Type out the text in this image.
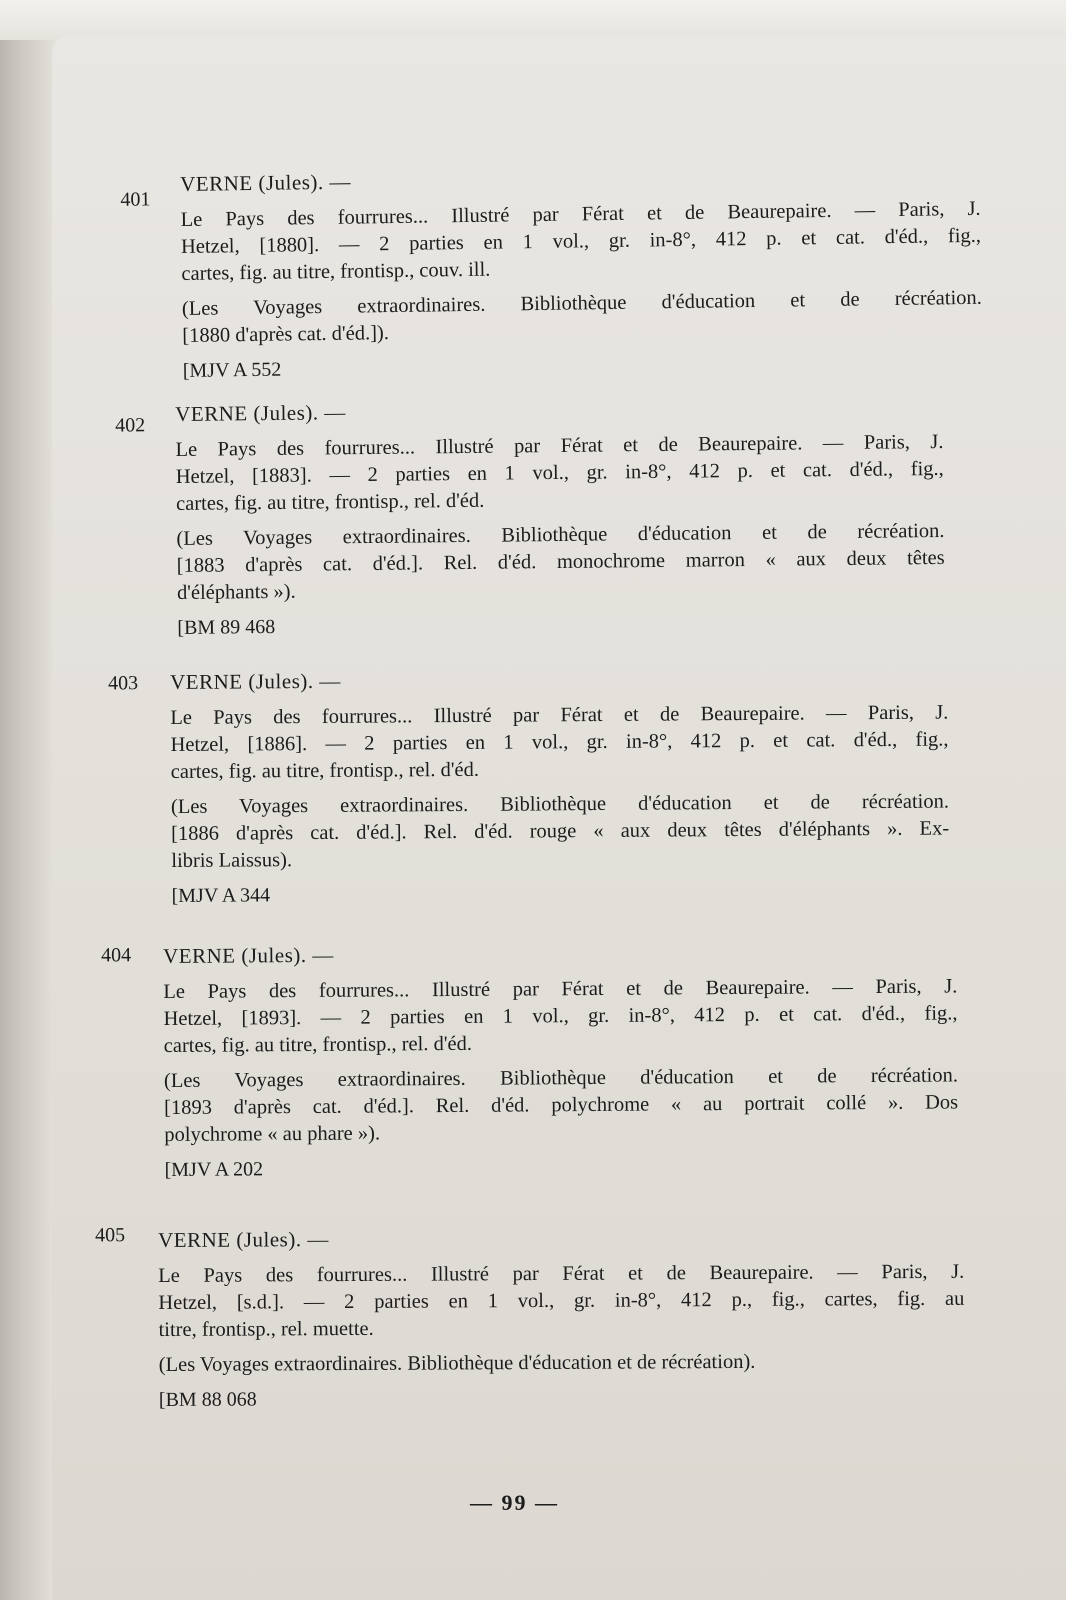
401
VERNE (Jules). —
Le Pays des fourrures... Illustré par Férat et de Beaurepaire. — Paris, J.
Hetzel, [1880]. — 2 parties en 1 vol., gr. in-8°, 412 p. et cat. d'éd., fig.,
cartes, fig. au titre, frontisp., couv. ill.
(Les Voyages extraordinaires. Bibliothèque d'éducation et de récréation.
[1880 d'après cat. d'éd.]).
[MJV A 552
402	VERNE (Jules). —
Le Pays des fourrures... Illustré par Férat et de Beaurepaire. — Paris, J.
Hetzel, [1883]. — 2 parties en 1 vol., gr. in-8°, 412 p. et cat. d'éd., fig.,
cartes, fig. au titre, frontisp., rel. d'éd.
(Les Voyages extraordinaires. Bibliothèque d'éducation et de récréation.
[1883 d'après cat. d'éd.]. Rel. d'éd. monochrome marron « aux deux têtes
d'éléphants »).
[BM 89 468
403	VERNE (Jules). —
Le Pays des fourrures... Illustré par Férat et de Beaurepaire. — Paris, J.
Hetzel, [1886]. — 2 parties en 1 vol., gr. in-8°, 412 p. et cat. d'éd., fig.,
cartes, fig. au titre, frontisp., rel. d'éd.
(Les Voyages extraordinaires. Bibliothèque d'éducation et de récréation.
[1886 d'après cat. d'éd.]. Rel. d'éd. rouge « aux deux têtes d'éléphants ». Ex-
libris Laissus).
[MJV A 344
404	VERNE (Jules). —
Le Pays des fourrures... Illustré par Férat et de Beaurepaire. — Paris, J.
Hetzel, [1893]. — 2 parties en 1 vol., gr. in-8°, 412 p. et cat. d'éd., fig.,
cartes, fig. au titre, frontisp., rel. d'éd.
(Les Voyages extraordinaires. Bibliothèque d'éducation et de récréation.
[1893 d'après cat. d'éd.]. Rel. d'éd. polychrome « au portrait collé ». Dos
polychrome « au phare »).
[MJV A 202
405	VERNE (Jules). —
Le Pays des fourrures... Illustré par Férat et de Beaurepaire. — Paris, J.
Hetzel, [s.d.]. — 2 parties en 1 vol., gr. in-8°, 412 p., fig., cartes, fig. au
titre, frontisp., rel. muette.
(Les Voyages extraordinaires. Bibliothèque d'éducation et de récréation).
[BM 88 068
— 99 —
